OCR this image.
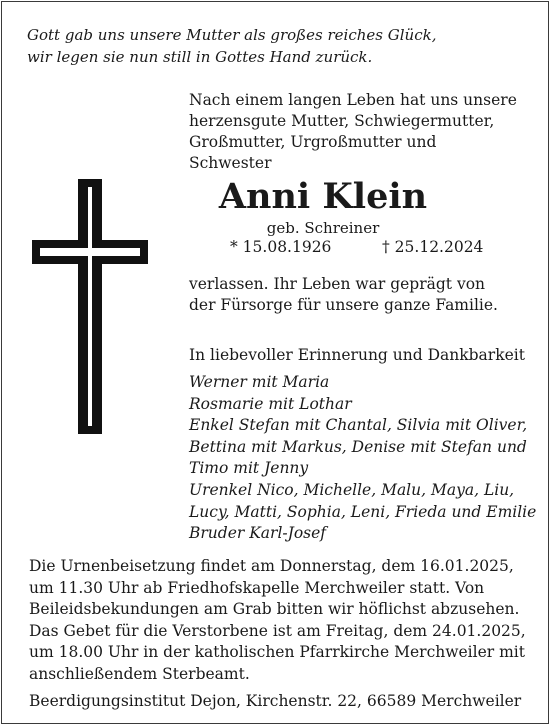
Gott gab uns unsere Mutter als großes reiches Glück,
wir legen sie nun still in Gottes Hand zurück.
Nach einem langen Leben hat uns unsere
herzensgute Mutter, Schwiegermutter,
Großmutter, Urgroßmutter und
Schwester
Anni Klein
geb. Schreiner
* 15.08.1926	† 25.12.2024
verlassen. Ihr Leben war geprägt von
der Fürsorge für unsere ganze Familie.
In liebevoller Erinnerung und Dankbarkeit
Werner mit Maria
Rosmarie mit Lothar
Enkel Stefan mit Chantal, Silvia mit Oliver,
Bettina mit Markus, Denise mit Stefan und
Timo mit Jenny
Urenkel Nico, Michelle, Malu, Maya, Liu,
Lucy, Matti, Sophia, Leni, Frieda und Emilie
Bruder Karl-Josef
Die Urnenbeisetzung findet am Donnerstag, dem 16.01.2025,
um 11.30 Uhr ab Friedhofskapelle Merchweiler statt. Von
Beileidsbekundungen am Grab bitten wir höflichst abzusehen.
Das Gebet für die Verstorbene ist am Freitag, dem 24.01.2025,
um 18.00 Uhr in der katholischen Pfarrkirche Merchweiler mit
anschließendem Sterbeamt.
Beerdigungsinstitut Dejon, Kirchenstr. 22, 66589 Merchweiler
